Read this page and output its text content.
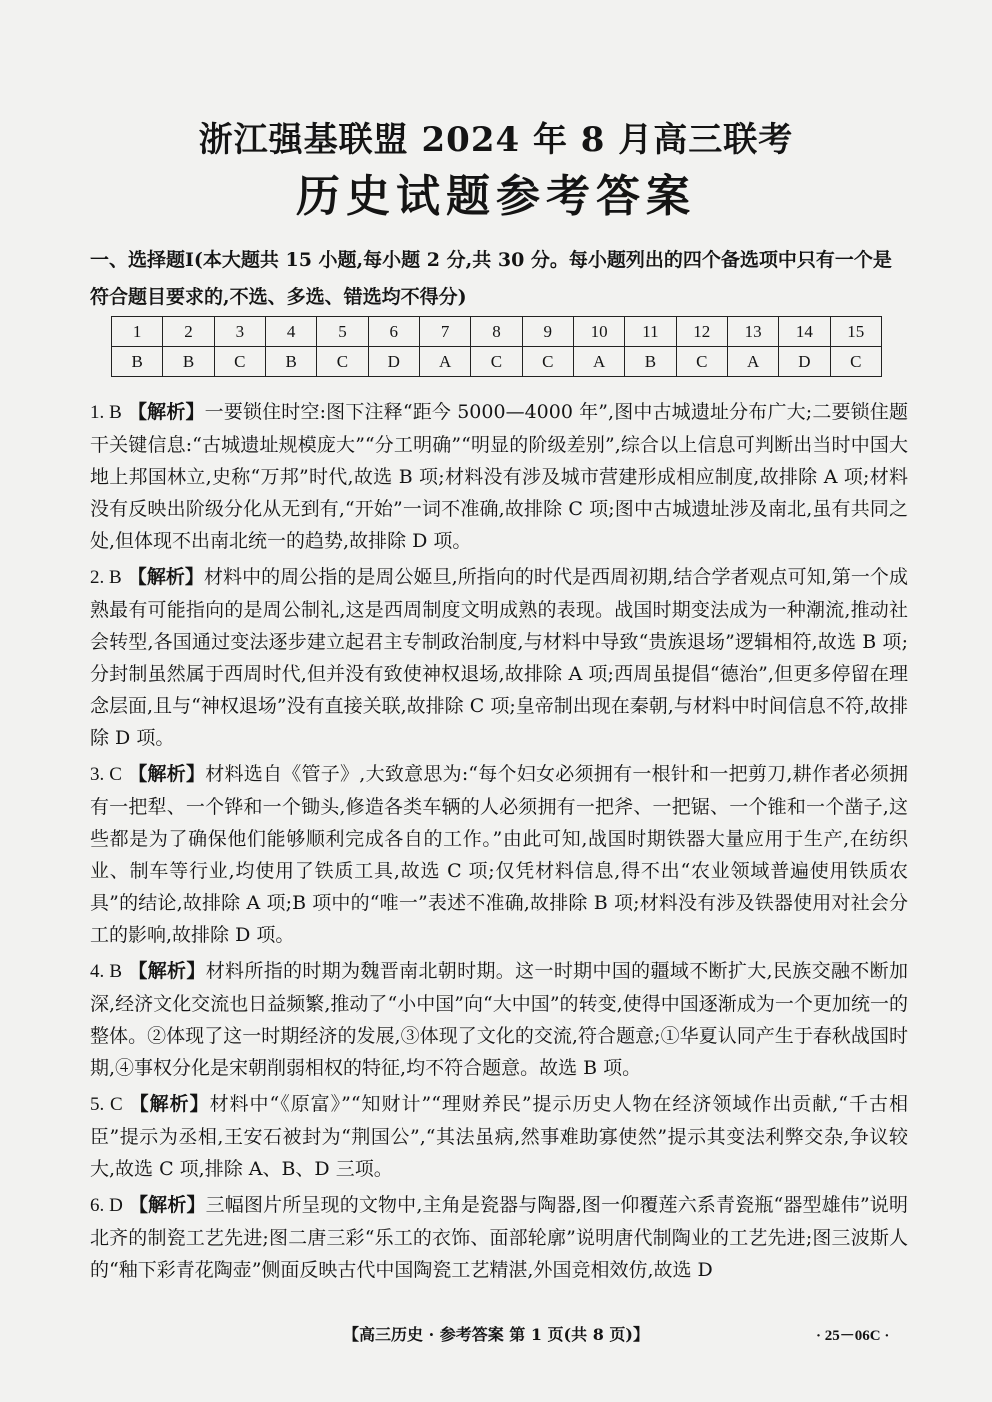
浙江强基联盟 2024 年 8 月高三联考
历史试题参考答案
一、选择题Ⅰ(本大题共 15 小题,每小题 2 分,共 30 分。每小题列出的四个备选项中只有一个是符合题目要求的,不选、多选、错选均不得分)
1	2	3	4	5	6	7	8	9	10	11	12	13	14	15
B	B	C	B	C	D	A	C	C	A	B	C	A	D	C

1. B 【解析】一要锁住时空:图下注释“距今 5000—4000 年”,图中古城遗址分布广大;二要锁住题干关键信息:“古城遗址规模庞大”“分工明确”“明显的阶级差别”,综合以上信息可判断出当时中国大地上邦国林立,史称“万邦”时代,故选 B 项;材料没有涉及城市营建形成相应制度,故排除 A 项;材料没有反映出阶级分化从无到有,“开始”一词不准确,故排除 C 项;图中古城遗址涉及南北,虽有共同之处,但体现不出南北统一的趋势,故排除 D 项。

2. B 【解析】材料中的周公指的是周公姬旦,所指向的时代是西周初期,结合学者观点可知,第一个成熟最有可能指向的是周公制礼,这是西周制度文明成熟的表现。战国时期变法成为一种潮流,推动社会转型,各国通过变法逐步建立起君主专制政治制度,与材料中导致“贵族退场”逻辑相符,故选 B 项;分封制虽然属于西周时代,但并没有致使神权退场,故排除 A 项;西周虽提倡“德治”,但更多停留在理念层面,且与“神权退场”没有直接关联,故排除 C 项;皇帝制出现在秦朝,与材料中时间信息不符,故排除 D 项。

3. C 【解析】材料选自《管子》,大致意思为:“每个妇女必须拥有一根针和一把剪刀,耕作者必须拥有一把犁、一个铧和一个锄头,修造各类车辆的人必须拥有一把斧、一把锯、一个锥和一个凿子,这些都是为了确保他们能够顺利完成各自的工作。”由此可知,战国时期铁器大量应用于生产,在纺织业、制车等行业,均使用了铁质工具,故选 C 项;仅凭材料信息,得不出“农业领域普遍使用铁质农具”的结论,故排除 A 项;B 项中的“唯一”表述不准确,故排除 B 项;材料没有涉及铁器使用对社会分工的影响,故排除 D 项。

4. B 【解析】材料所指的时期为魏晋南北朝时期。这一时期中国的疆域不断扩大,民族交融不断加深,经济文化交流也日益频繁,推动了“小中国”向“大中国”的转变,使得中国逐渐成为一个更加统一的整体。②体现了这一时期经济的发展,③体现了文化的交流,符合题意;①华夏认同产生于春秋战国时期,④事权分化是宋朝削弱相权的特征,均不符合题意。故选 B 项。

5. C 【解析】材料中“《原富》”“知财计”“理财养民”提示历史人物在经济领域作出贡献,“千古相臣”提示为丞相,王安石被封为“荆国公”,“其法虽病,然事难助寡使然”提示其变法利弊交杂,争议较大,故选 C 项,排除 A、B、D 三项。

6. D 【解析】三幅图片所呈现的文物中,主角是瓷器与陶器,图一仰覆莲六系青瓷瓶“器型雄伟”说明北齐的制瓷工艺先进;图二唐三彩“乐工的衣饰、面部轮廓”说明唐代制陶业的工艺先进;图三波斯人的“釉下彩青花陶壶”侧面反映古代中国陶瓷工艺精湛,外国竞相效仿,故选 D

【高三历史 · 参考答案 第 1 页(共 8 页)】	· 25－06C ·
